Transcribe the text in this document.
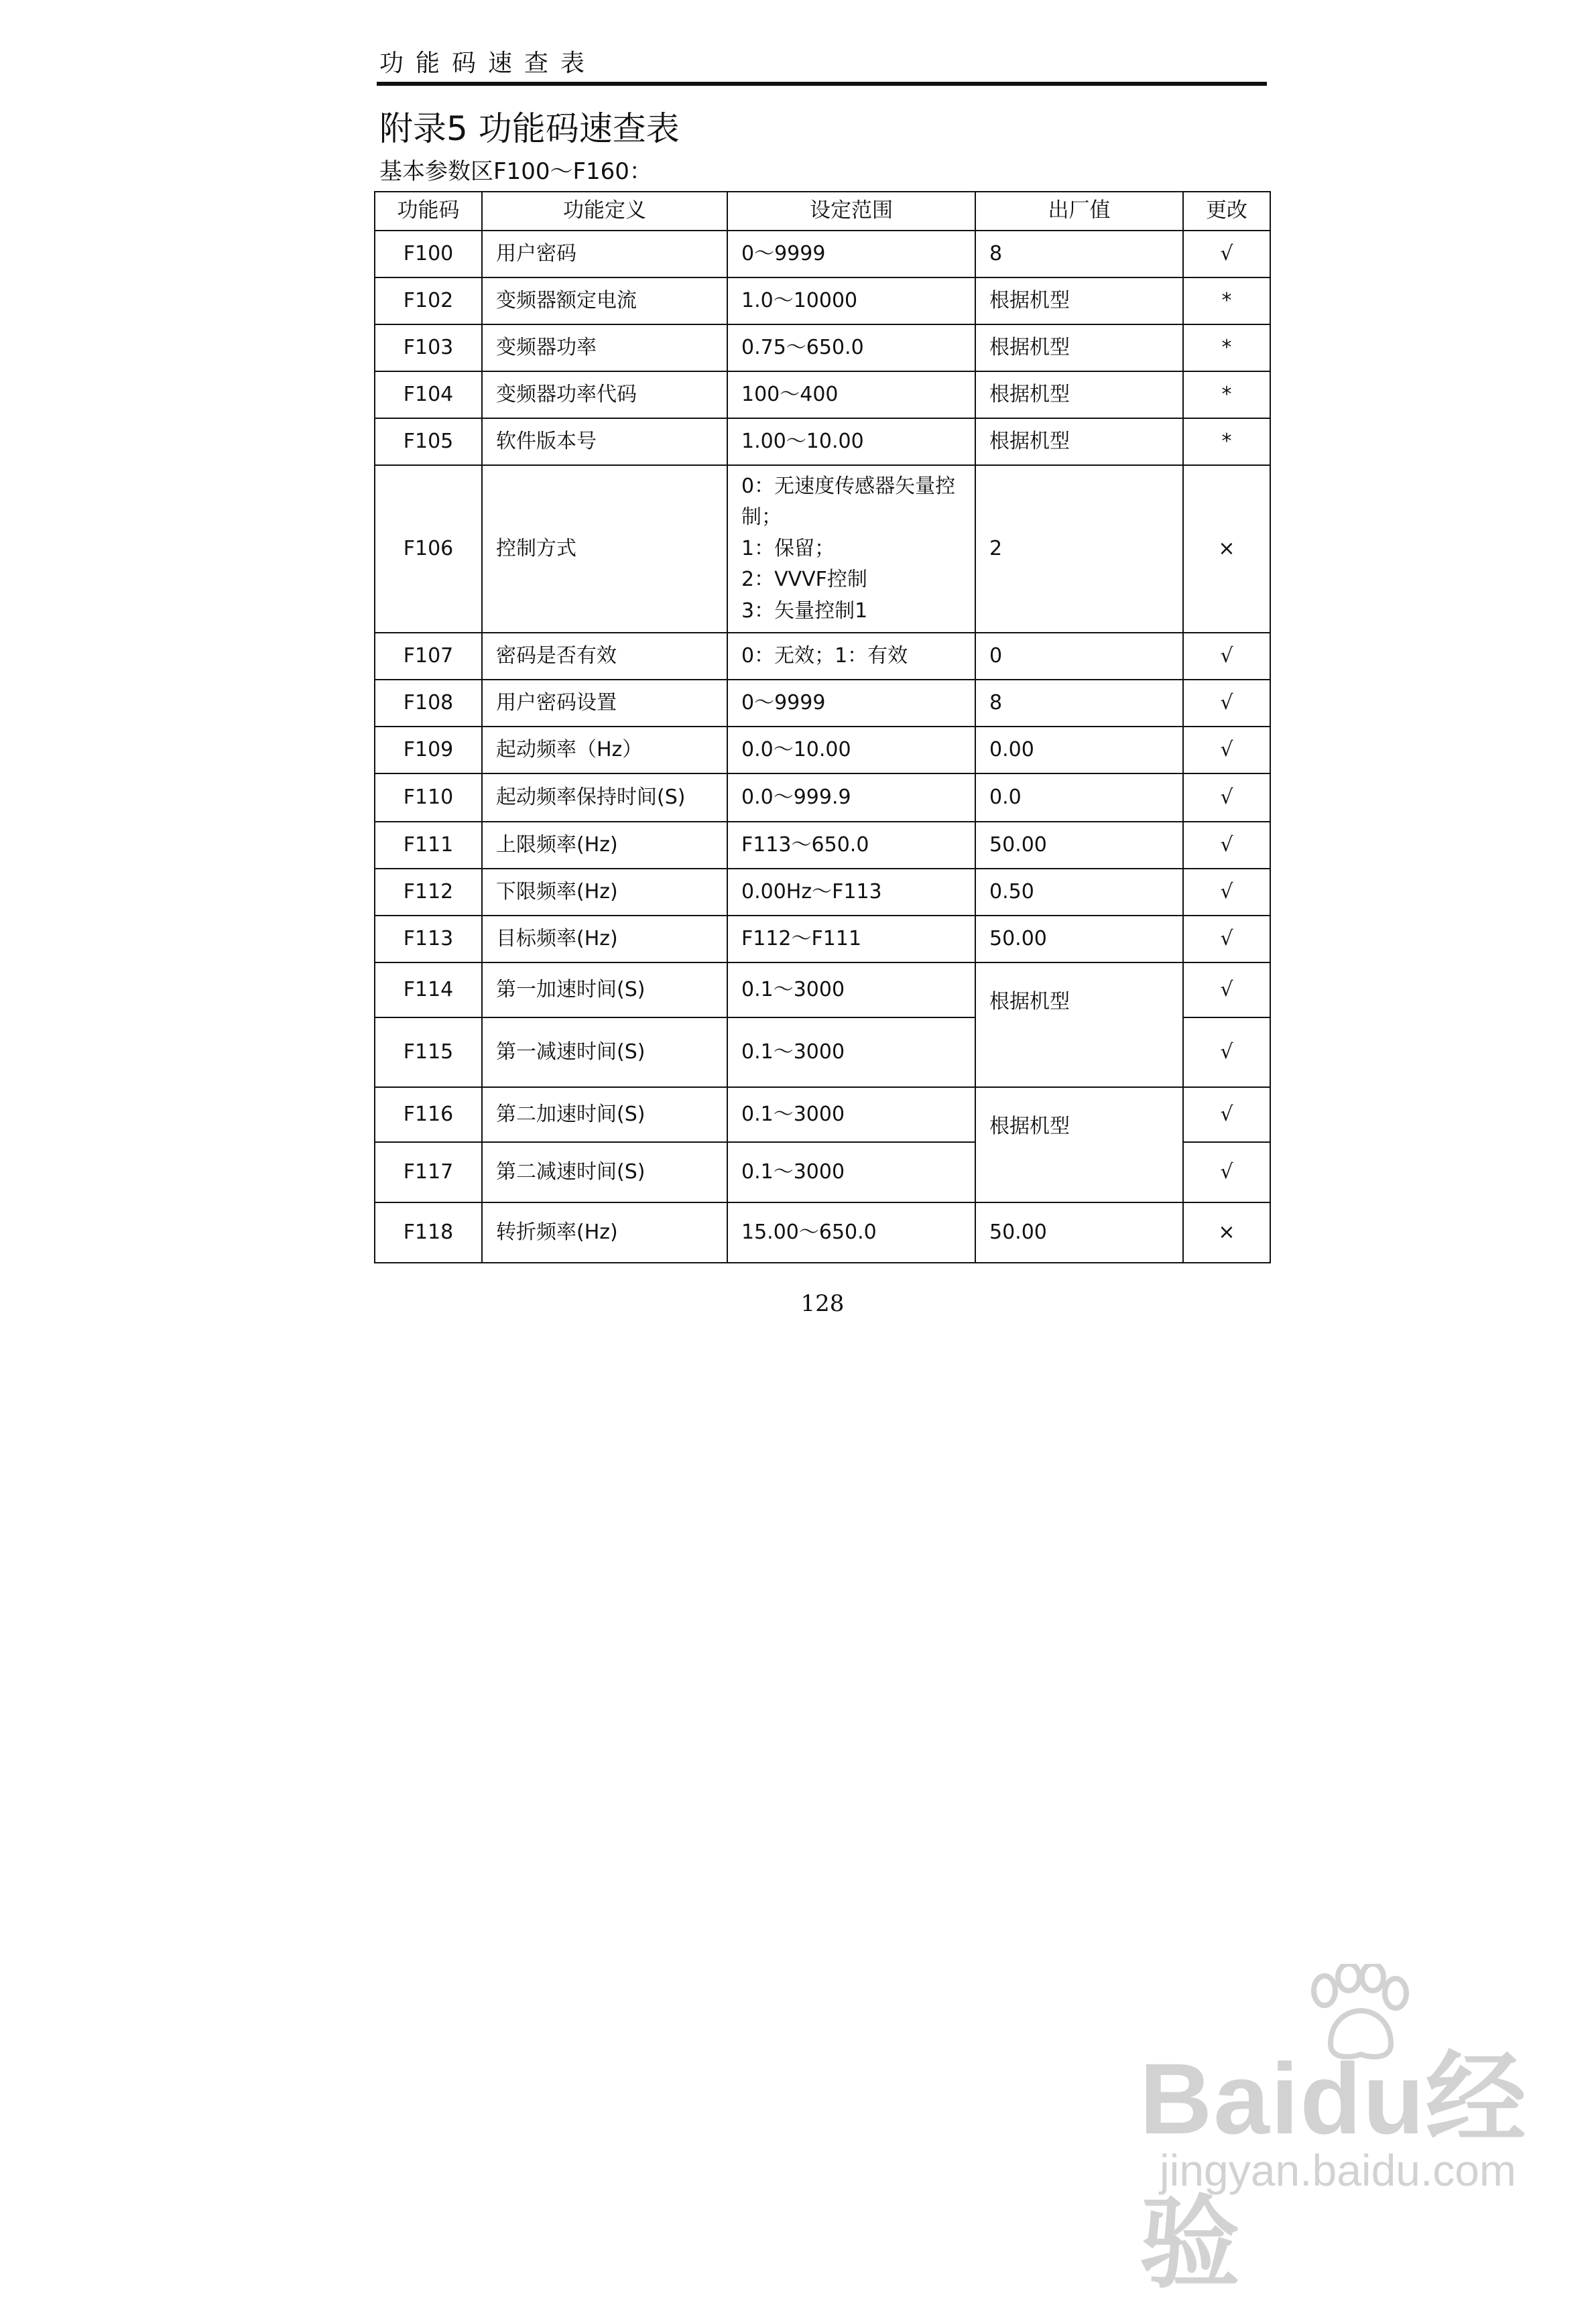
功能码速查表
附录5 功能码速查表
基本参数区F100～F160：
功能码	功能定义	设定范围	出厂值	更改
F100	用户密码	0～9999	8	√
F102	变频器额定电流	1.0～10000	根据机型	*
F103	变频器功率	0.75～650.0	根据机型	*
F104	变频器功率代码	100～400	根据机型	*
F105	软件版本号	1.00～10.00	根据机型	*
F106	控制方式	0：无速度传感器矢量控
制；
1：保留；
2：VVVF控制
3：矢量控制1	2	×
F107	密码是否有效	0：无效；1：有效	0	√
F108	用户密码设置	0～9999	8	√
F109	起动频率（Hz）	0.0～10.00	0.00	√
F110	起动频率保持时间(S)	0.0～999.9	0.0	√
F111	上限频率(Hz)	F113～650.0	50.00	√
F112	下限频率(Hz)	0.00Hz～F113	0.50	√
F113	目标频率(Hz)	F112～F111	50.00	√
F114	第一加速时间(S)	0.1～3000	根据机型	√
F115	第一减速时间(S)	0.1～3000		√
F116	第二加速时间(S)	0.1～3000	根据机型	√
F117	第二减速时间(S)	0.1～3000		√
F118	转折频率(Hz)	15.00～650.0	50.00	×
128
Baidu经验
jingyan.baidu.com
